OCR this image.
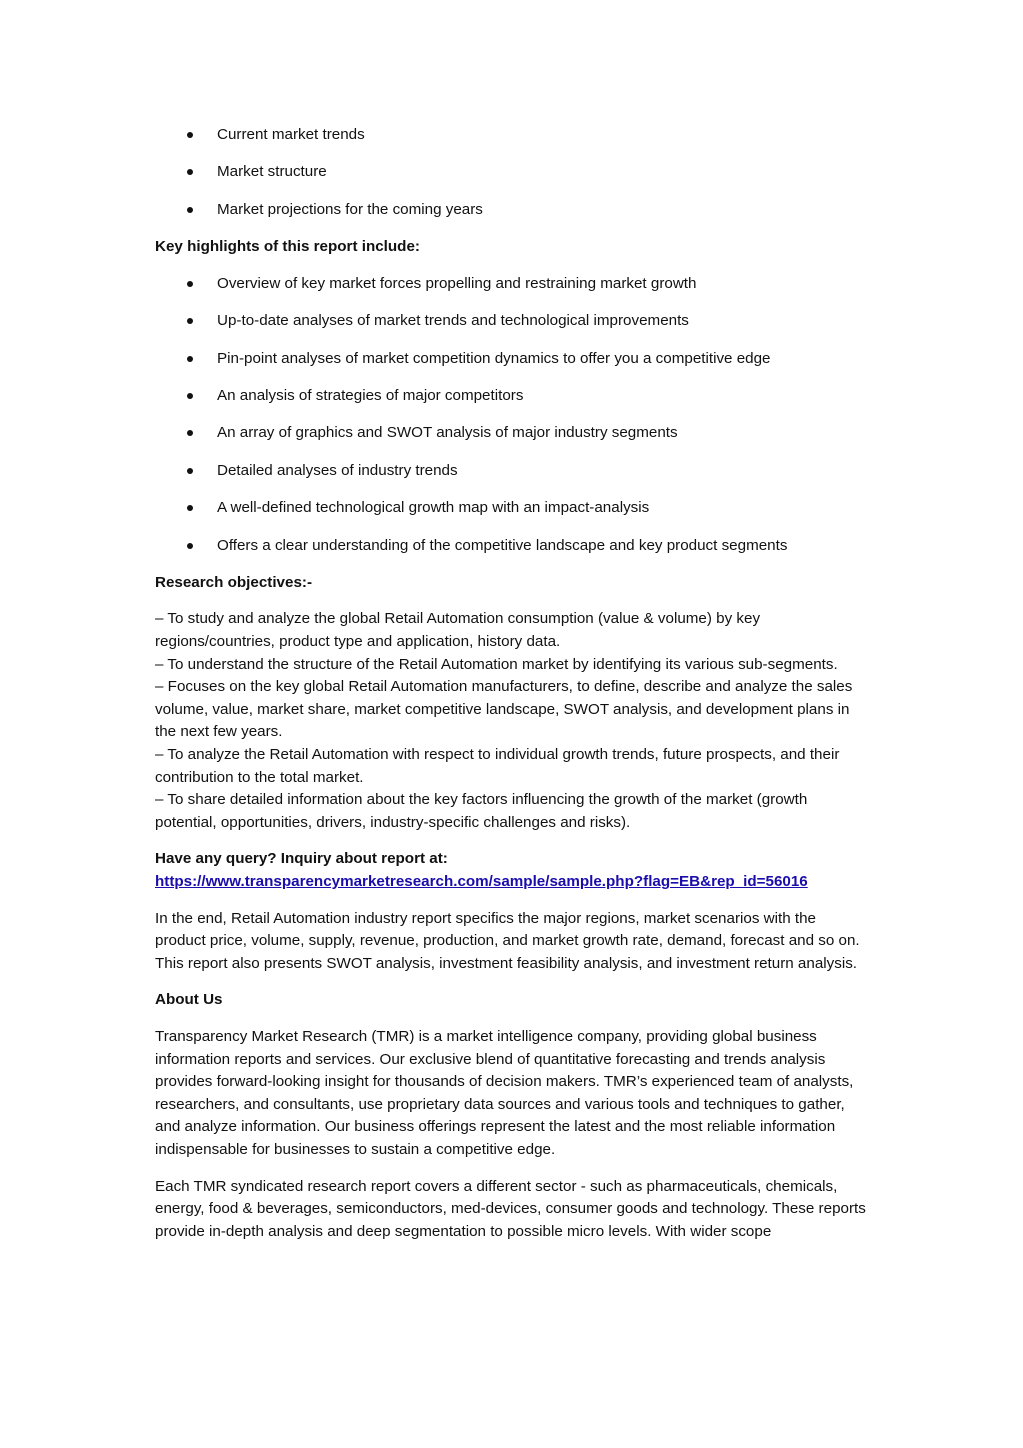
Current market trends
Market structure
Market projections for the coming years
Key highlights of this report include:
Overview of key market forces propelling and restraining market growth
Up-to-date analyses of market trends and technological improvements
Pin-point analyses of market competition dynamics to offer you a competitive edge
An analysis of strategies of major competitors
An array of graphics and SWOT analysis of major industry segments
Detailed analyses of industry trends
A well-defined technological growth map with an impact-analysis
Offers a clear understanding of the competitive landscape and key product segments
Research objectives:-
– To study and analyze the global Retail Automation consumption (value & volume) by key regions/countries, product type and application, history data.
– To understand the structure of the Retail Automation market by identifying its various sub-segments.
– Focuses on the key global Retail Automation manufacturers, to define, describe and analyze the sales volume, value, market share, market competitive landscape, SWOT analysis, and development plans in the next few years.
– To analyze the Retail Automation with respect to individual growth trends, future prospects, and their contribution to the total market.
– To share detailed information about the key factors influencing the growth of the market (growth potential, opportunities, drivers, industry-specific challenges and risks).
Have any query? Inquiry about report at:
https://www.transparencymarketresearch.com/sample/sample.php?flag=EB&rep_id=56016
In the end, Retail Automation industry report specifics the major regions, market scenarios with the product price, volume, supply, revenue, production, and market growth rate, demand, forecast and so on. This report also presents SWOT analysis, investment feasibility analysis, and investment return analysis.
About Us
Transparency Market Research (TMR) is a market intelligence company, providing global business information reports and services. Our exclusive blend of quantitative forecasting and trends analysis provides forward-looking insight for thousands of decision makers. TMR’s experienced team of analysts, researchers, and consultants, use proprietary data sources and various tools and techniques to gather, and analyze information. Our business offerings represent the latest and the most reliable information indispensable for businesses to sustain a competitive edge.
Each TMR syndicated research report covers a different sector - such as pharmaceuticals, chemicals, energy, food & beverages, semiconductors, med-devices, consumer goods and technology. These reports provide in-depth analysis and deep segmentation to possible micro levels. With wider scope
